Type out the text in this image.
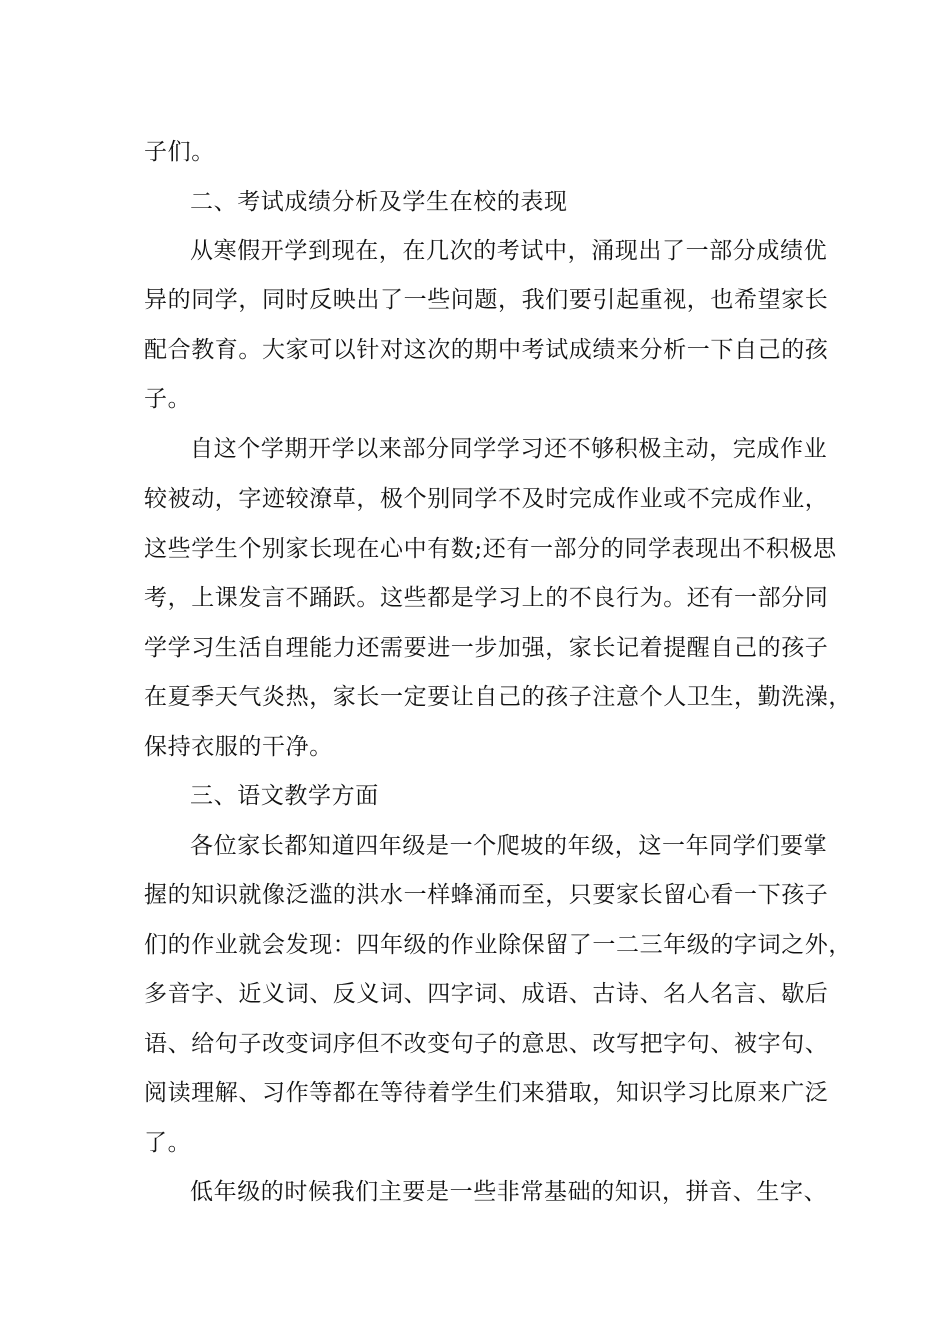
子们。
二、考试成绩分析及学生在校的表现
从寒假开学到现在，在几次的考试中，涌现出了一部分成绩优
异的同学，同时反映出了一些问题，我们要引起重视，也希望家长
配合教育。大家可以针对这次的期中考试成绩来分析一下自己的孩
子。
自这个学期开学以来部分同学学习还不够积极主动，完成作业
较被动，字迹较潦草，极个别同学不及时完成作业或不完成作业，
这些学生个别家长现在心中有数;还有一部分的同学表现出不积极思
考，上课发言不踊跃。这些都是学习上的不良行为。还有一部分同
学学习生活自理能力还需要进一步加强，家长记着提醒自己的孩子
在夏季天气炎热，家长一定要让自己的孩子注意个人卫生，勤洗澡，
保持衣服的干净。
三、语文教学方面
各位家长都知道四年级是一个爬坡的年级，这一年同学们要掌
握的知识就像泛滥的洪水一样蜂涌而至，只要家长留心看一下孩子
们的作业就会发现：四年级的作业除保留了一二三年级的字词之外，
多音字、近义词、反义词、四字词、成语、古诗、名人名言、歇后
语、给句子改变词序但不改变句子的意思、改写把字句、被字句、
阅读理解、习作等都在等待着学生们来猎取，知识学习比原来广泛
了。
低年级的时候我们主要是一些非常基础的知识，拼音、生字、
